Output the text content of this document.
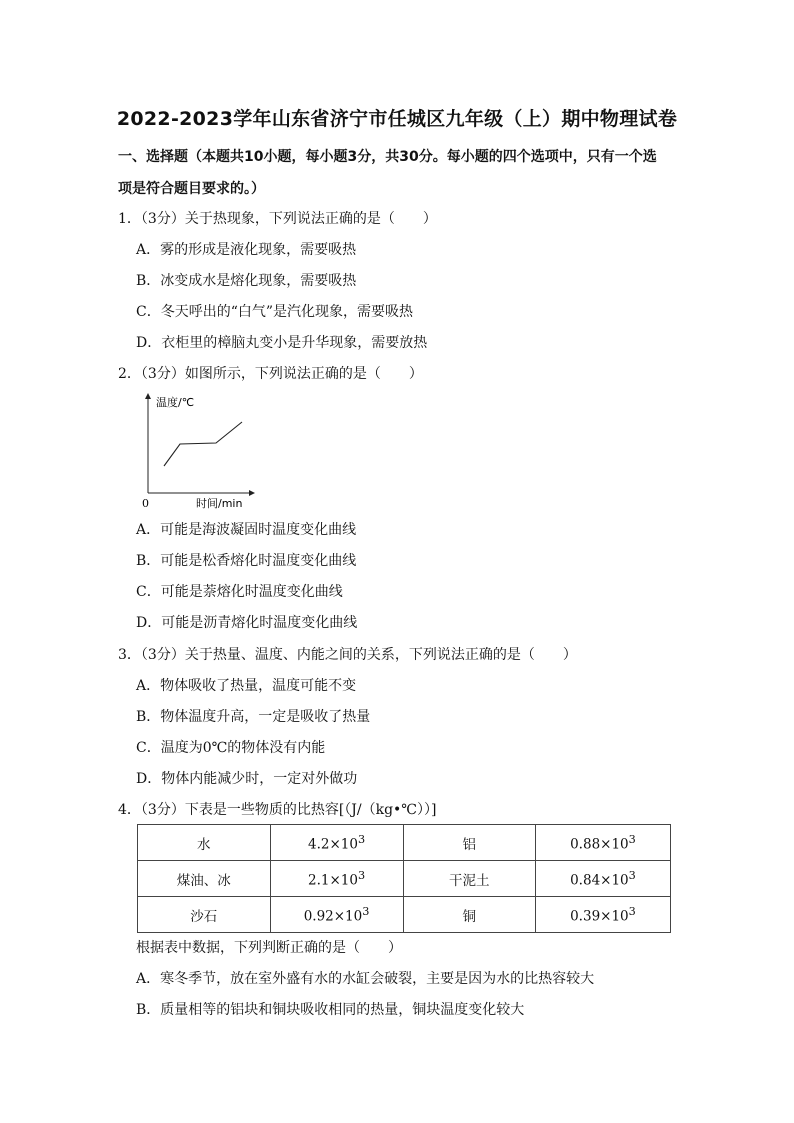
2022-2023学年山东省济宁市任城区九年级（上）期中物理试卷
一、选择题（本题共10小题，每小题3分，共30分。每小题的四个选项中，只有一个选
项是符合题目要求的。）
1．（3分）关于热现象，下列说法正确的是（　　）
A．雾的形成是液化现象，需要吸热
B．冰变成水是熔化现象，需要吸热
C．冬天呼出的“白气”是汽化现象，需要吸热
D．衣柜里的樟脑丸变小是升华现象，需要放热
2．（3分）如图所示，下列说法正确的是（　　）
温度/℃
时间/min
0
A．可能是海波凝固时温度变化曲线
B．可能是松香熔化时温度变化曲线
C．可能是萘熔化时温度变化曲线
D．可能是沥青熔化时温度变化曲线
3．（3分）关于热量、温度、内能之间的关系，下列说法正确的是（　　）
A．物体吸收了热量，温度可能不变
B．物体温度升高，一定是吸收了热量
C．温度为0℃的物体没有内能
D．物体内能减少时，一定对外做功
4．（3分）下表是一些物质的比热容[（J/（kg•℃））]
水	$4.2\times 10^3$	铝	$0.88\times 10^3$
煤油、冰	$2.1\times 10^3$	干泥土	$0.84\times 10^3$
沙石	$0.92\times 10^3$	铜	$0.39\times 10^3$
根据表中数据，下列判断正确的是（　　）
A．寒冬季节，放在室外盛有水的水缸会破裂，主要是因为水的比热容较大
B．质量相等的铝块和铜块吸收相同的热量，铜块温度变化较大
